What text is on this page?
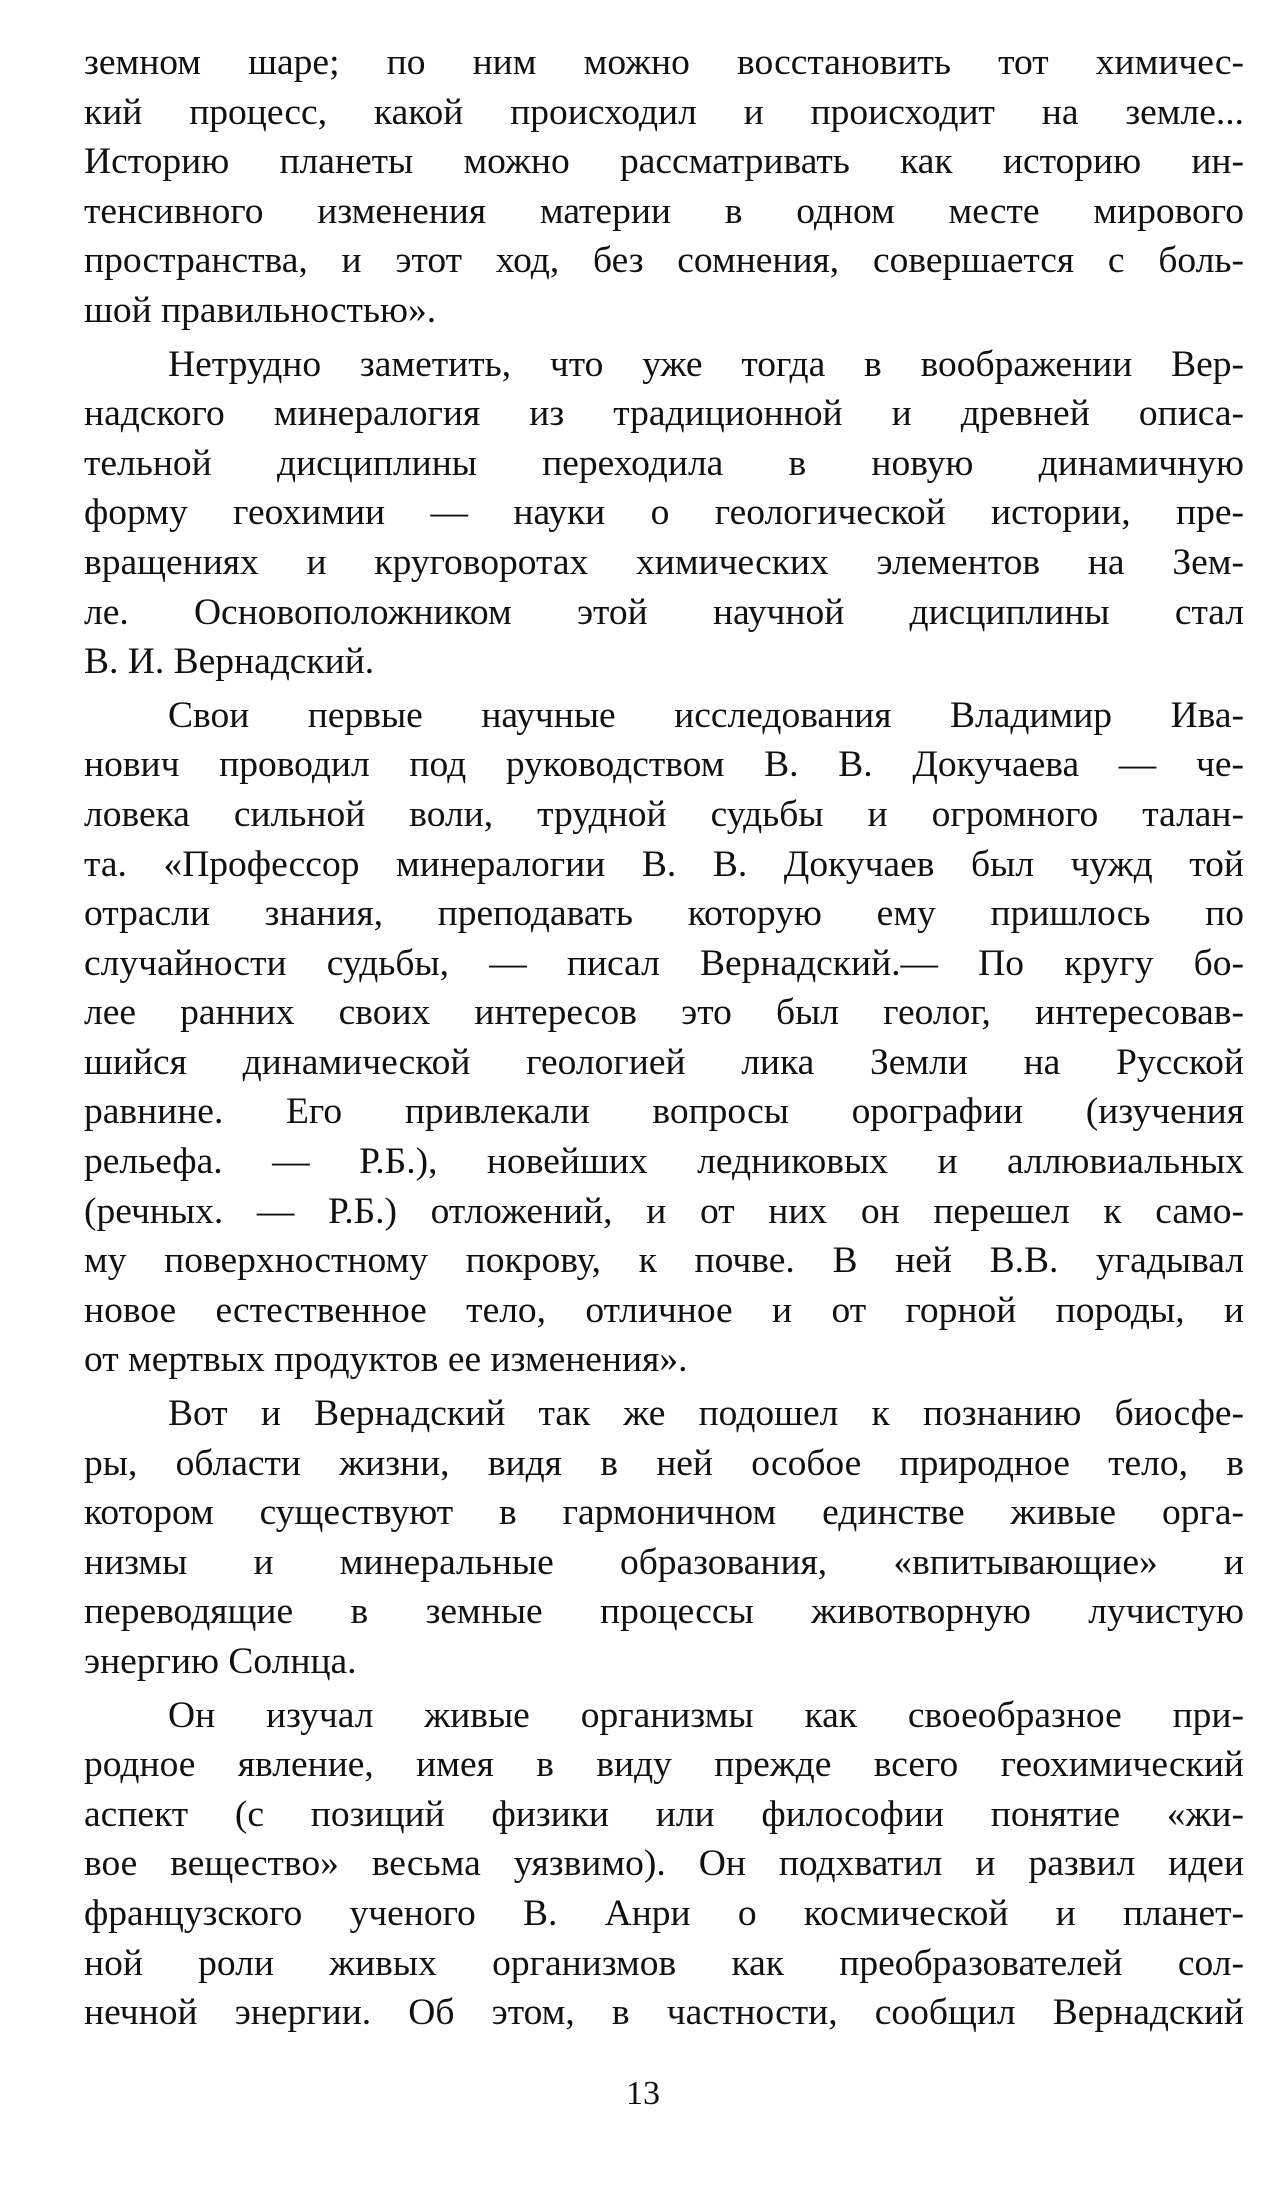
земном шаре; по ним можно восстановить тот химичес-
кий процесс, какой происходил и происходит на земле...
Историю планеты можно рассматривать как историю ин-
тенсивного изменения материи в одном месте мирового
пространства, и этот ход, без сомнения, совершается с боль-
шой правильностью».
Нетрудно заметить, что уже тогда в воображении Вер-
надского минералогия из традиционной и древней описа-
тельной дисциплины переходила в новую динамичную
форму геохимии — науки о геологической истории, пре-
вращениях и круговоротах химических элементов на Зем-
ле. Основоположником этой научной дисциплины стал
В. И. Вернадский.
Свои первые научные исследования Владимир Ива-
нович проводил под руководством В. В. Докучаева — че-
ловека сильной воли, трудной судьбы и огромного талан-
та. «Профессор минералогии В. В. Докучаев был чужд той
отрасли знания, преподавать которую ему пришлось по
случайности судьбы, — писал Вернадский.— По кругу бо-
лее ранних своих интересов это был геолог, интересовав-
шийся динамической геологией лика Земли на Русской
равнине. Его привлекали вопросы орографии (изучения
рельефа. — Р.Б.), новейших ледниковых и аллювиальных
(речных. — Р.Б.) отложений, и от них он перешел к само-
му поверхностному покрову, к почве. В ней В.В. угадывал
новое естественное тело, отличное и от горной породы, и
от мертвых продуктов ее изменения».
Вот и Вернадский так же подошел к познанию биосфе-
ры, области жизни, видя в ней особое природное тело, в
котором существуют в гармоничном единстве живые орга-
низмы и минеральные образования, «впитывающие» и
переводящие в земные процессы животворную лучистую
энергию Солнца.
Он изучал живые организмы как своеобразное при-
родное явление, имея в виду прежде всего геохимический
аспект (с позиций физики или философии понятие «жи-
вое вещество» весьма уязвимо). Он подхватил и развил идеи
французского ученого В. Анри о космической и планет-
ной роли живых организмов как преобразователей сол-
нечной энергии. Об этом, в частности, сообщил Вернадский
13
